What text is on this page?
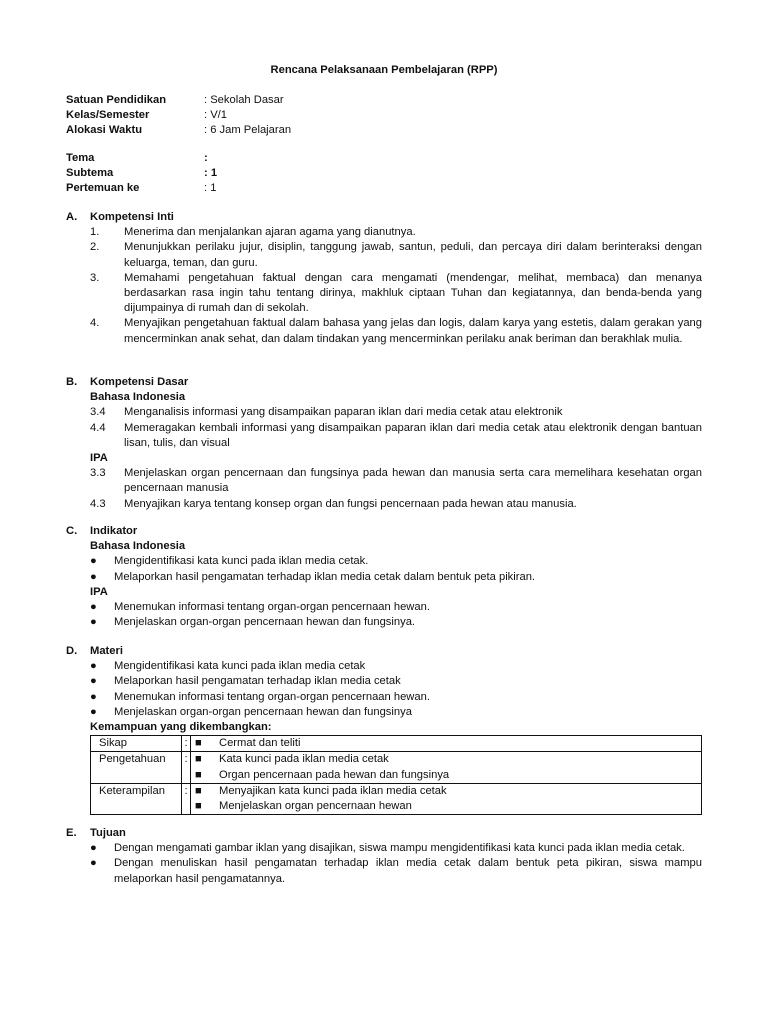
Rencana Pelaksanaan Pembelajaran (RPP)
Satuan Pendidikan	: Sekolah Dasar
Kelas/Semester	: V/1
Alokasi Waktu	: 6 Jam Pelajaran
Tema	:
Subtema	: 1
Pertemuan ke	: 1
A.	Kompetensi Inti
1.	Menerima dan menjalankan ajaran agama yang dianutnya.
2.	Menunjukkan perilaku jujur, disiplin, tanggung jawab, santun, peduli, dan percaya diri dalam berinteraksi dengan keluarga, teman, dan guru.
3.	Memahami pengetahuan faktual dengan cara mengamati (mendengar, melihat, membaca) dan menanya berdasarkan rasa ingin tahu tentang dirinya, makhluk ciptaan Tuhan dan kegiatannya, dan benda-benda yang dijumpainya di rumah dan di sekolah.
4.	Menyajikan pengetahuan faktual dalam bahasa yang jelas dan logis, dalam karya yang estetis, dalam gerakan yang mencerminkan anak sehat, dan dalam tindakan yang mencerminkan perilaku anak beriman dan berakhlak mulia.
B.	Kompetensi Dasar
Bahasa Indonesia
3.4	Menganalisis informasi yang disampaikan paparan iklan dari media cetak atau elektronik
4.4	Memeragakan kembali informasi yang disampaikan paparan iklan dari media cetak atau elektronik dengan bantuan lisan, tulis, dan visual
IPA
3.3	Menjelaskan organ pencernaan dan fungsinya pada hewan dan manusia serta cara memelihara kesehatan organ pencernaan manusia
4.3	Menyajikan karya tentang konsep organ dan fungsi pencernaan pada hewan atau manusia.
C.	Indikator
Bahasa Indonesia
●	Mengidentifikasi kata kunci pada iklan media cetak.
●	Melaporkan hasil pengamatan terhadap iklan media cetak dalam bentuk peta pikiran.
IPA
●	Menemukan informasi tentang organ-organ pencernaan hewan.
●	Menjelaskan organ-organ pencernaan hewan dan fungsinya.
D.	Materi
●	Mengidentifikasi kata kunci pada iklan media cetak
●	Melaporkan hasil pengamatan terhadap iklan media cetak
●	Menemukan informasi tentang organ-organ pencernaan hewan.
●	Menjelaskan organ-organ pencernaan hewan dan fungsinya
Kemampuan yang dikembangkan:
Sikap	:	■ Cermat dan teliti

Pengetahuan	:	■ Kata kunci pada iklan media cetak
■ Organ pencernaan pada hewan dan fungsinya

Keterampilan	:	■ Menyajikan kata kunci pada iklan media cetak
■ Menjelaskan organ pencernaan hewan
E.	Tujuan
●	Dengan mengamati gambar iklan yang disajikan, siswa mampu mengidentifikasi kata kunci pada iklan media cetak.
●	Dengan menuliskan hasil pengamatan terhadap iklan media cetak dalam bentuk peta pikiran, siswa mampu melaporkan hasil pengamatannya.
